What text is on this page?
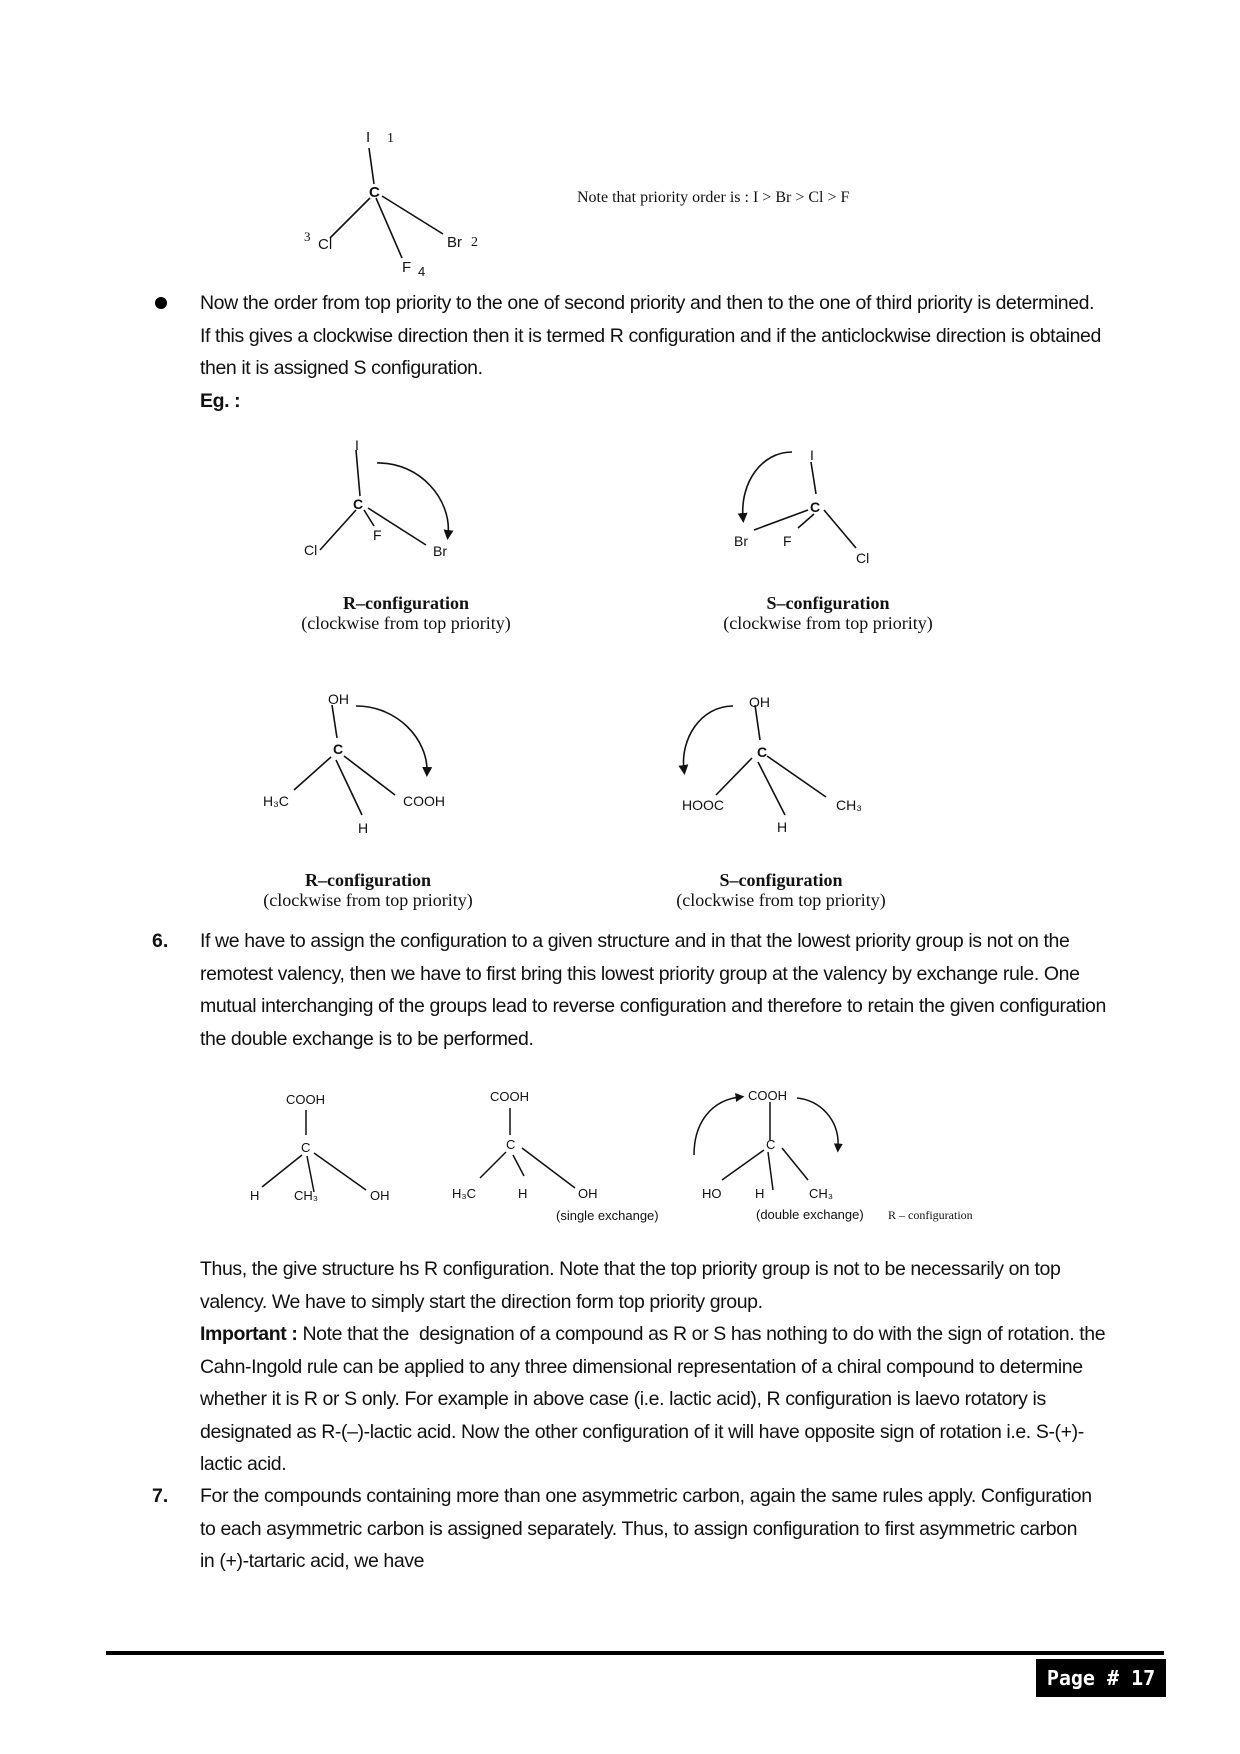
I 1
C
3 Cl	Br 2
F 4
Note that priority order is : I > Br > Cl > F
Now the order from top priority to the one of second priority and then to the one of third priority is determined.
If this gives a clockwise direction then it is termed R configuration and if the anticlockwise direction is obtained
then it is assigned S configuration.
Eg. :
I
C
Cl
F
Br
I
C
Br	F
Cl
OH
C
H₃C
H
COOH
OH
C
HOOC
H
CH₃
R–configuration
(clockwise from top priority)
S–configuration
(clockwise from top priority)
R–configuration
(clockwise from top priority)
S–configuration
(clockwise from top priority)
6. If we have to assign the configuration to a given structure and in that the lowest priority group is not on the
remotest valency, then we have to first bring this lowest priority group at the valency by exchange rule. One
mutual interchanging of the groups lead to reverse configuration and therefore to retain the given configuration
the double exchange is to be performed.
COOH
C
H	CH₃	OH
COOH
C
H₃C	H	OH
(single exchange)
COOH
C
HO	H	CH₃
(double exchange) R – configuration
Thus, the give structure hs R configuration. Note that the top priority group is not to be necessarily on top
valency. We have to simply start the direction form top priority group.
Important : Note that the  designation of a compound as R or S has nothing to do with the sign of rotation. the
Cahn-Ingold rule can be applied to any three dimensional representation of a chiral compound to determine
whether it is R or S only. For example in above case (i.e. lactic acid), R configuration is laevo rotatory is
designated as R-(–)-lactic acid. Now the other configuration of it will have opposite sign of rotation i.e. S-(+)-
lactic acid.
7. For the compounds containing more than one asymmetric carbon, again the same rules apply. Configuration
to each asymmetric carbon is assigned separately. Thus, to assign configuration to first asymmetric carbon
in (+)-tartaric acid, we have
Page # 17
